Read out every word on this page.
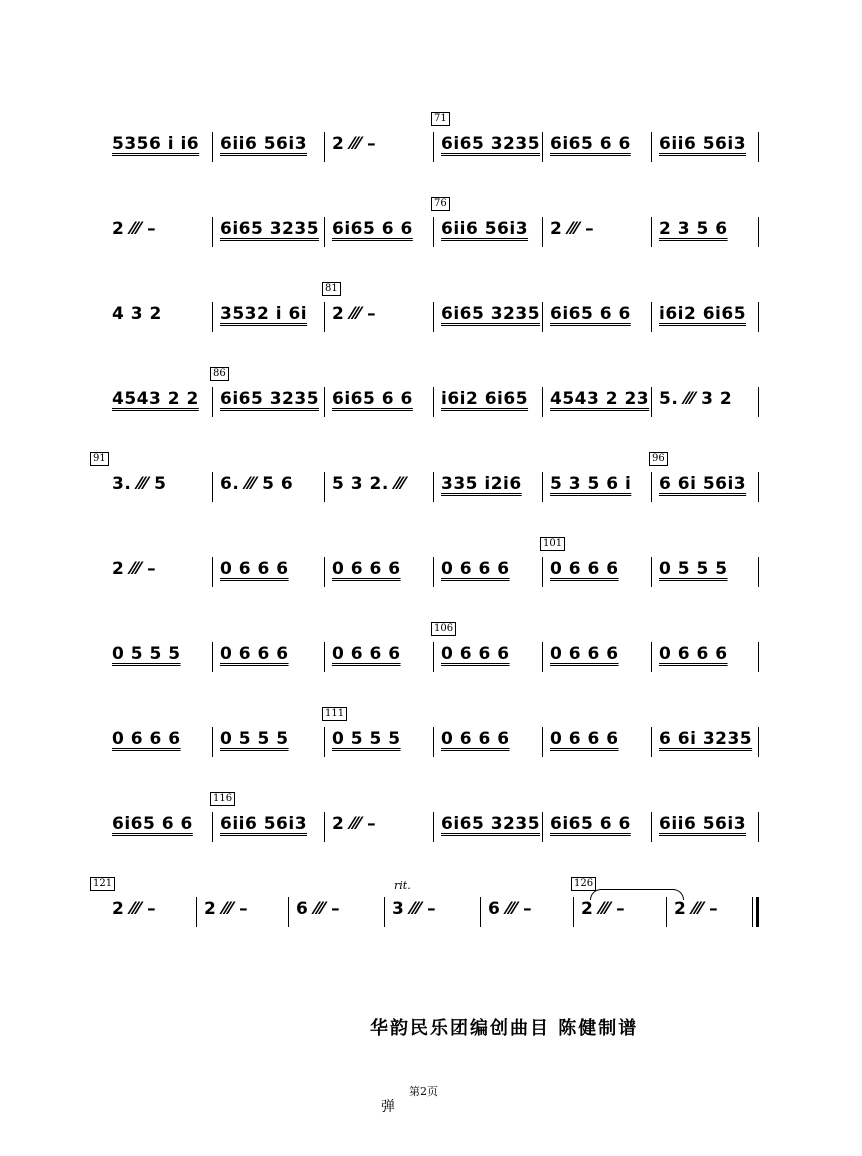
5356 i i6 6ii6 56i3 2 ⁄⁄⁄ –	6i65 3235
71
6i65 6 6 6ii6 56i3
2 ⁄⁄⁄ –	6i65 3235 6i65 6 6 6ii6 56i3
76
2 ⁄⁄⁄ –	2 3 5 6
4 3 2	3532 i 6i 2 ⁄⁄⁄ –
81
6i65 3235 6i65 6 6 i6i2 6i65
4543 2 2 6i65 3235
86
6i65 6 6 i6i2 6i65 4543 2 23 5. ⁄⁄⁄ 3 2
91
3. ⁄⁄⁄ 5	6. ⁄⁄⁄ 5 6 5 3 2. ⁄⁄⁄ 335 i2i6 5 3 5 6 i 6 6i 56i3
96
2 ⁄⁄⁄ –	0 6 6 6	0 6 6 6 0 6 6 6 0 6 6 6
101
0 5 5 5
0 5 5 5 0 6 6 6	0 6 6 6 0 6 6 6
106
0 6 6 6 0 6 6 6
0 6 6 6 0 5 5 5	0 5 5 5
111
0 6 6 6 0 6 6 6 6 6i 3235
6i65 6 6 6ii6 56i3
116
2 ⁄⁄⁄ –	6i65 3235 6i65 6 6 6ii6 56i3
121
2 ⁄⁄⁄ –	2 ⁄⁄⁄ –	6 ⁄⁄⁄ –	3 ⁄⁄⁄ –
rit.
6 ⁄⁄⁄ –	2 ⁄⁄⁄ –
126
2 ⁄⁄⁄ –
华韵民乐团编创曲目 陈健制谱
第2页
弹
